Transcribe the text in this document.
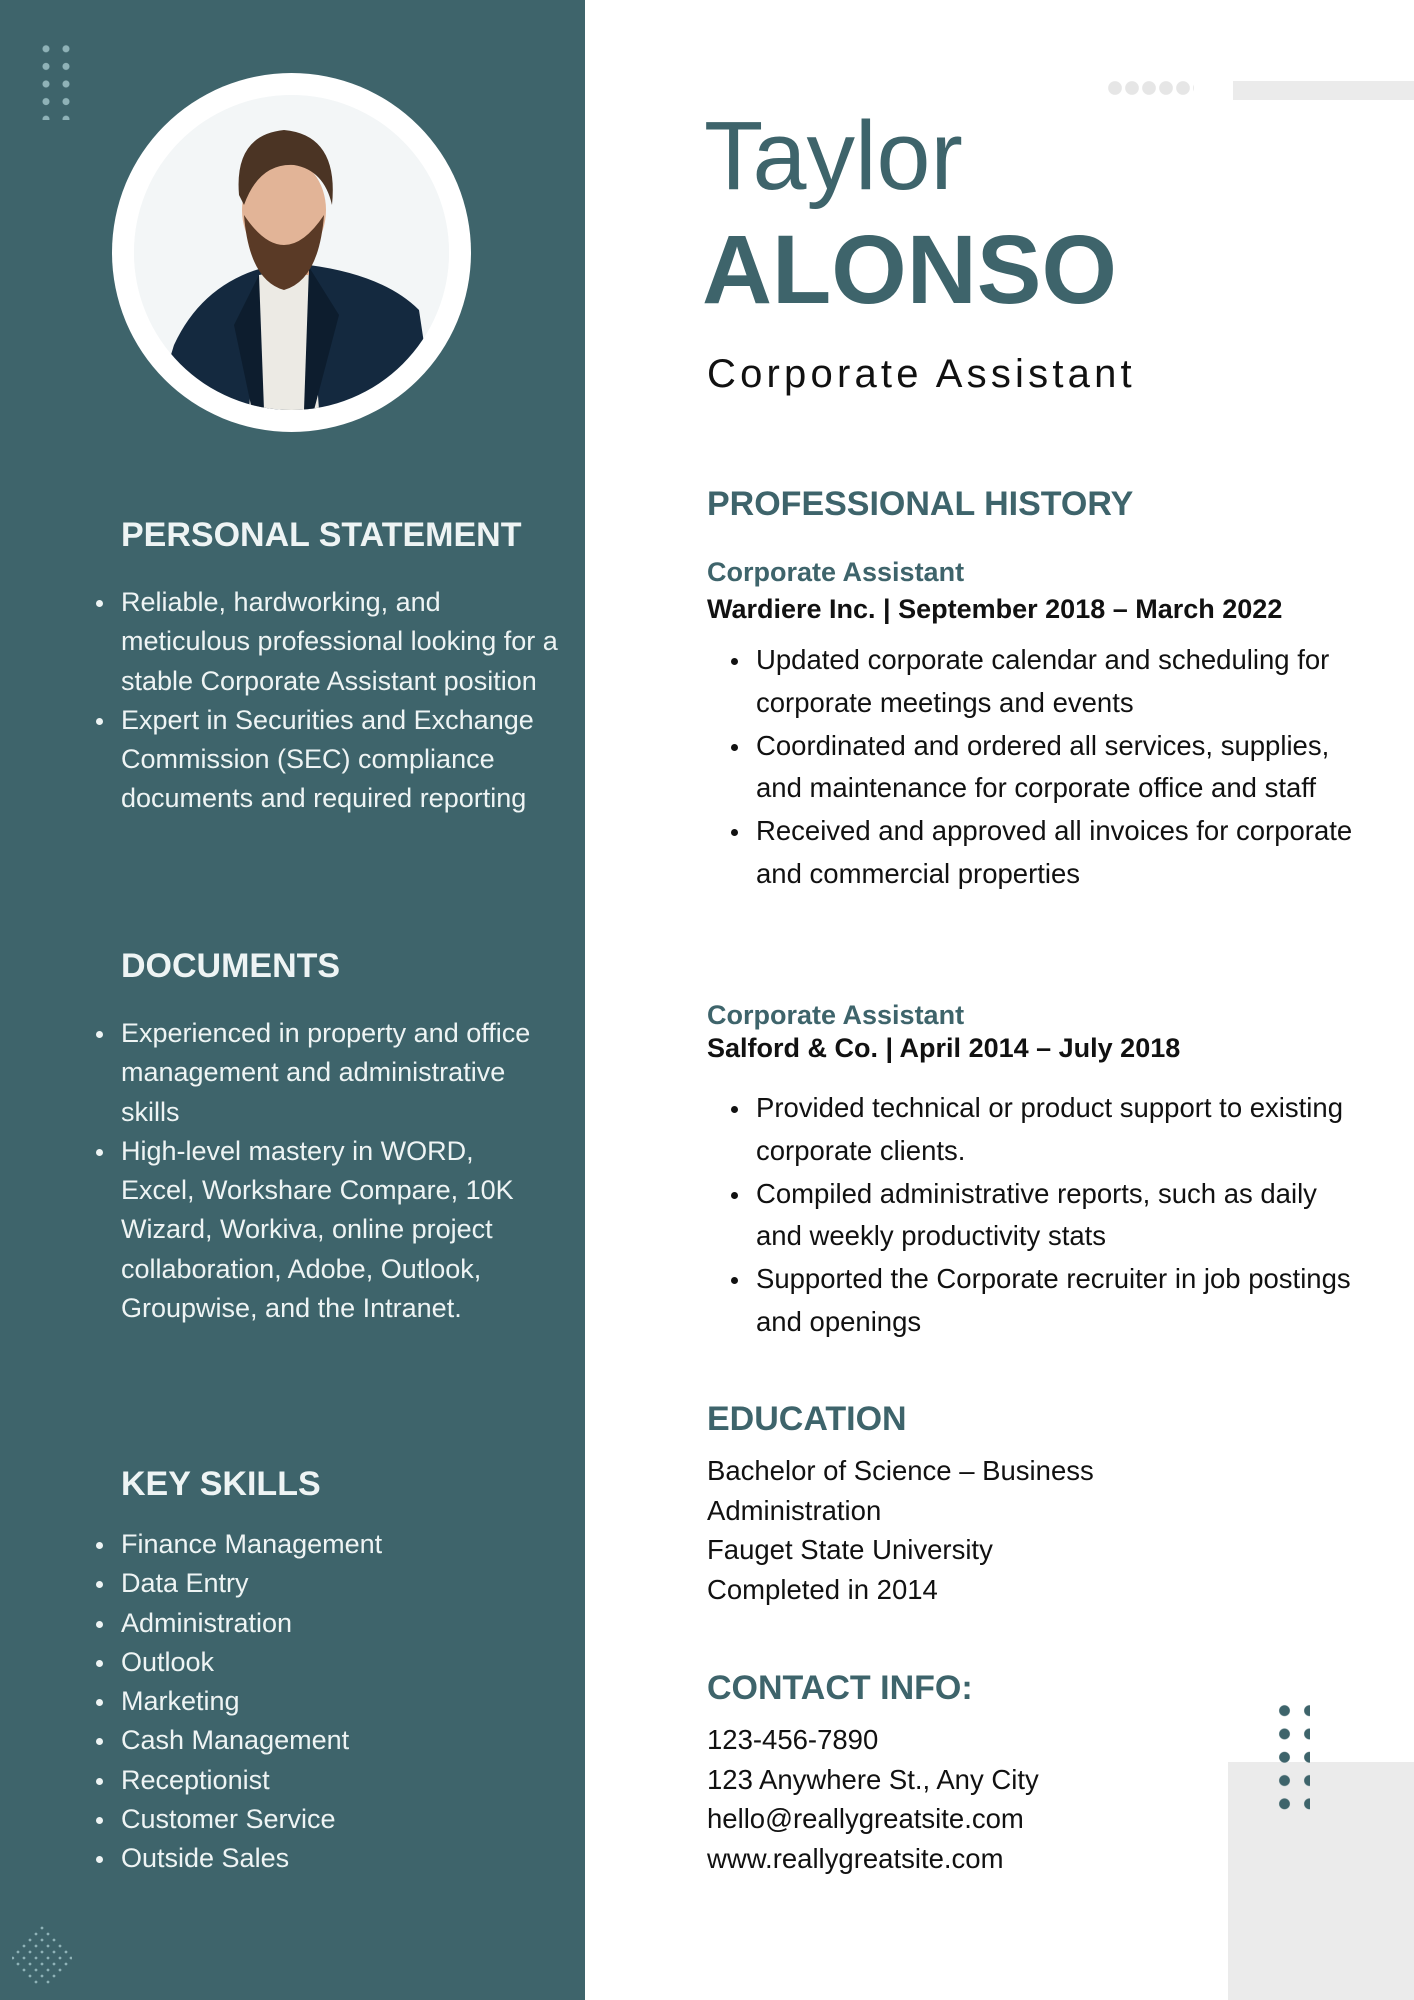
PERSONAL STATEMENT
Reliable, hardworking, and meticulous professional looking for a stable Corporate Assistant position
Expert in Securities and Exchange Commission (SEC) compliance documents and required reporting
DOCUMENTS
Experienced in property and office management and administrative skills
High-level mastery in WORD, Excel, Workshare Compare, 10K Wizard, Workiva, online project collaboration, Adobe, Outlook, Groupwise, and the Intranet.
KEY SKILLS
Finance Management
Data Entry
Administration
Outlook
Marketing
Cash Management
Receptionist
Customer Service
Outside Sales
Taylor
ALONSO
Corporate Assistant
PROFESSIONAL HISTORY
Corporate Assistant
Wardiere Inc. | September 2018 – March 2022
Updated corporate calendar and scheduling for corporate meetings and events
Coordinated and ordered all services, supplies, and maintenance for corporate office and staff
Received and approved all invoices for corporate and commercial properties
Corporate Assistant
Salford & Co. | April 2014 – July 2018
Provided technical or product support to existing corporate clients.
Compiled administrative reports, such as daily and weekly productivity stats
Supported the Corporate recruiter in job postings and openings
EDUCATION
Bachelor of Science – Business
Administration
Fauget State University
Completed in 2014
CONTACT INFO:
123-456-7890
123 Anywhere St., Any City
hello@reallygreatsite.com
www.reallygreatsite.com
